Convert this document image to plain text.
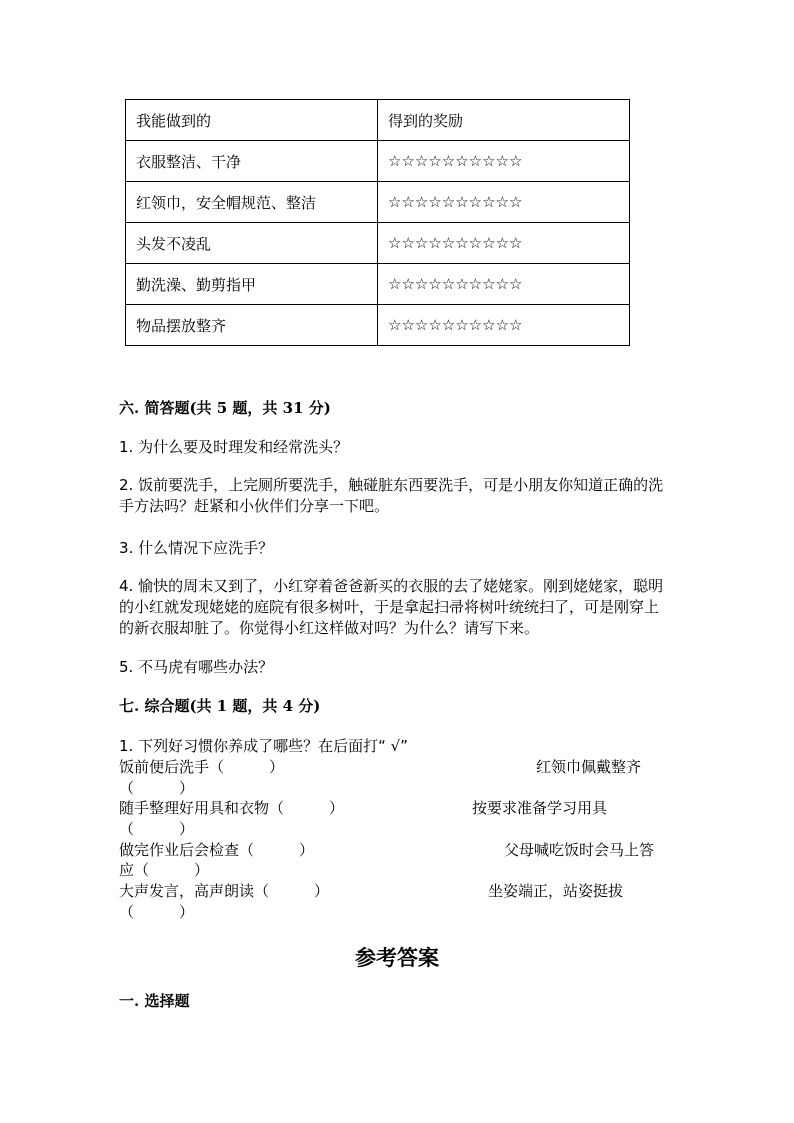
我能做到的	得到的奖励
衣服整洁、干净	☆☆☆☆☆☆☆☆☆☆
红领巾，安全帽规范、整洁	☆☆☆☆☆☆☆☆☆☆
头发不凌乱	☆☆☆☆☆☆☆☆☆☆
勤洗澡、勤剪指甲	☆☆☆☆☆☆☆☆☆☆
物品摆放整齐	☆☆☆☆☆☆☆☆☆☆
六. 简答题(共 5 题，共 31 分)
1. 为什么要及时理发和经常洗头？
2. 饭前要洗手，上完厕所要洗手，触碰脏东西要洗手，可是小朋友你知道正确的洗手方法吗？赶紧和小伙伴们分享一下吧。
3. 什么情况下应洗手？
4. 愉快的周末又到了，小红穿着爸爸新买的衣服的去了姥姥家。刚到姥姥家，聪明的小红就发现姥姥的庭院有很多树叶，于是拿起扫帚将树叶统统扫了，可是刚穿上的新衣服却脏了。你觉得小红这样做对吗？为什么？请写下来。
5. 不马虎有哪些办法？
七. 综合题(共 1 题，共 4 分)
1. 下列好习惯你养成了哪些？在后面打“ √”
饭前便后洗手（　　　）	红领巾佩戴整齐
（　　　）
随手整理好用具和衣物（　　　）	按要求准备学习用具
（　　　）
做完作业后会检查（　　　）	父母喊吃饭时会马上答
应（　　　）
大声发言，高声朗读（　　　）	坐姿端正，站姿挺拔
（　　　）
参考答案
一. 选择题
